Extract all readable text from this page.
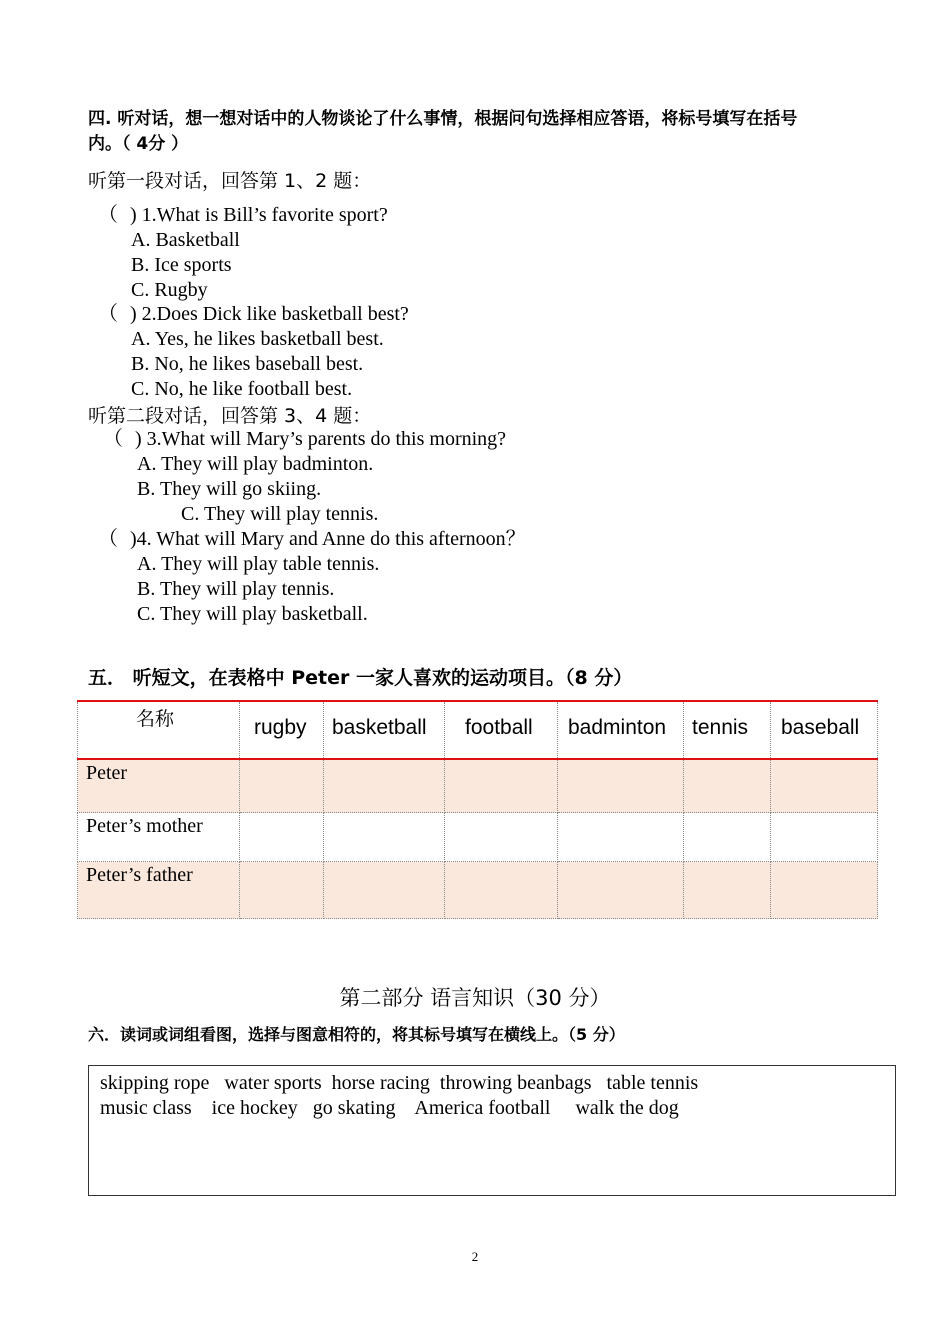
四. 听对话，想一想对话中的人物谈论了什么事情，根据问句选择相应答语，将标号填写在括号
内。（ 4分 ）
听第一段对话，回答第 1、2 题：
（ ) 1.What is Bill’s favorite sport?
A. Basketball
B. Ice sports
C. Rugby
（ ) 2.Does Dick like basketball best?
A. Yes, he likes basketball best.
B. No, he likes baseball best.
C. No, he like football best.
听第二段对话，回答第 3、4 题：
（ ) 3.What will Mary’s parents do this morning?
A. They will play badminton.
B. They will go skiing.
C. They will play tennis.
（ )4. What will Mary and Anne do this afternoon？
A. They will play table tennis.
B. They will play tennis.
C. They will play basketball.
五． 听短文，在表格中 Peter 一家人喜欢的运动项目。（8 分）
名称	rugby	basketball	football	badminton	tennis	baseball

Peter						

Peter’s mother						

Peter’s father						

第二部分 语言知识（30 分）
六．读词或词组看图，选择与图意相符的，将其标号填写在横线上。（5 分）
skipping rope   water sports  horse racing  throwing beanbags   table tennis
music class    ice hockey   go skating    America football     walk the dog
2
